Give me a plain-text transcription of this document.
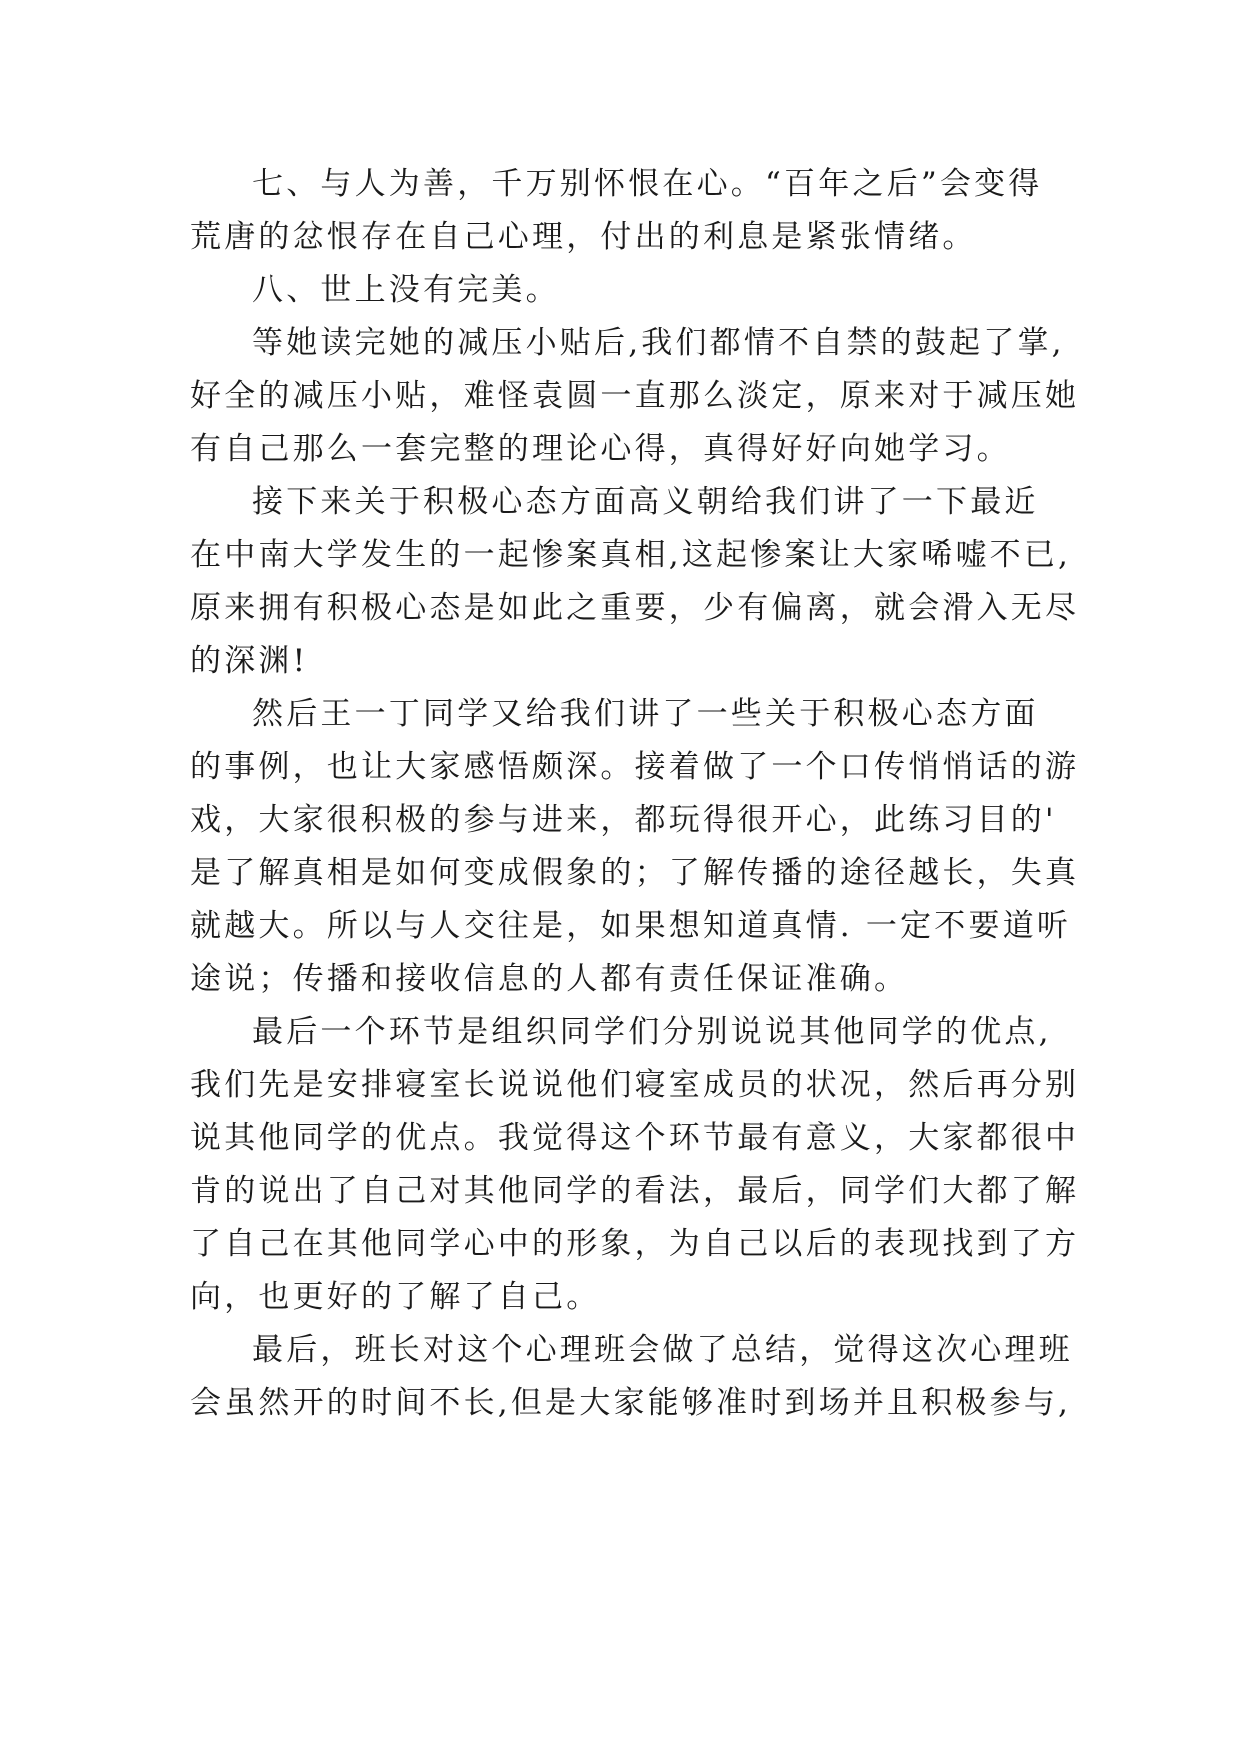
七、与人为善，千万别怀恨在心。“百年之后”会变得
荒唐的忿恨存在自己心理，付出的利息是紧张情绪。
八、世上没有完美。
等她读完她的减压小贴后,我们都情不自禁的鼓起了掌,
好全的减压小贴，难怪袁圆一直那么淡定，原来对于减压她
有自己那么一套完整的理论心得，真得好好向她学习。
接下来关于积极心态方面高义朝给我们讲了一下最近
在中南大学发生的一起惨案真相,这起惨案让大家唏嘘不已,
原来拥有积极心态是如此之重要，少有偏离，就会滑入无尽
的深渊!
然后王一丁同学又给我们讲了一些关于积极心态方面
的事例，也让大家感悟颇深。接着做了一个口传悄悄话的游
戏，大家很积极的参与进来，都玩得很开心，此练习目的'
是了解真相是如何变成假象的；了解传播的途径越长，失真
就越大。所以与人交往是，如果想知道真情. 一定不要道听
途说；传播和接收信息的人都有责任保证准确。
最后一个环节是组织同学们分别说说其他同学的优点,
我们先是安排寝室长说说他们寝室成员的状况，然后再分别
说其他同学的优点。我觉得这个环节最有意义，大家都很中
肯的说出了自己对其他同学的看法，最后，同学们大都了解
了自己在其他同学心中的形象，为自己以后的表现找到了方
向，也更好的了解了自己。
最后，班长对这个心理班会做了总结，觉得这次心理班
会虽然开的时间不长,但是大家能够准时到场并且积极参与,
